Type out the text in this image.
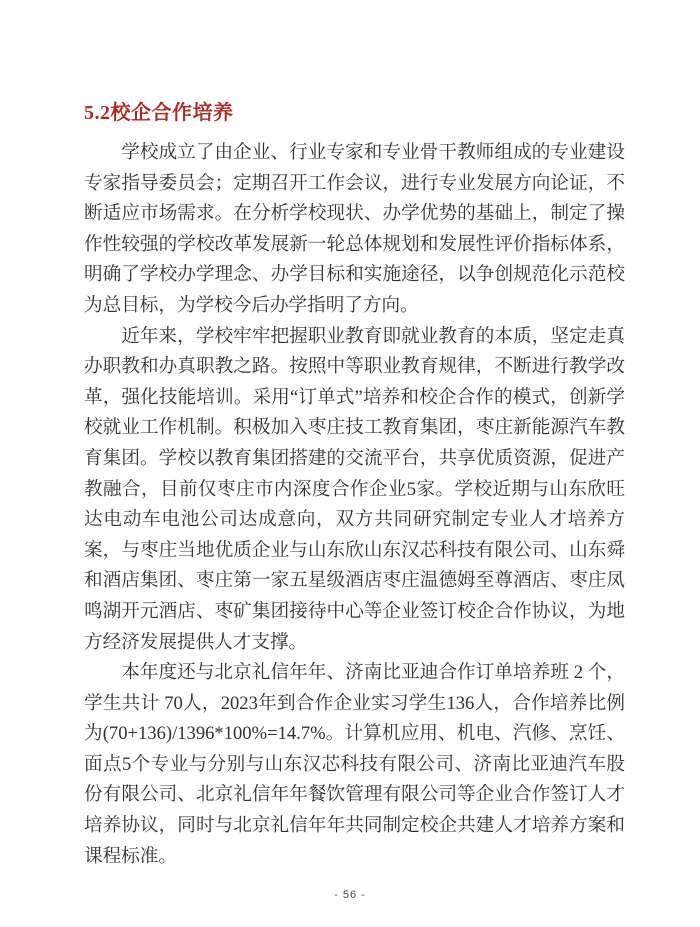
5.2校企合作培养

学校成立了由企业、行业专家和专业骨干教师组成的专业建设专家指导委员会；定期召开工作会议，进行专业发展方向论证，不断适应市场需求。在分析学校现状、办学优势的基础上，制定了操作性较强的学校改革发展新一轮总体规划和发展性评价指标体系，明确了学校办学理念、办学目标和实施途径，以争创规范化示范校为总目标，为学校今后办学指明了方向。

近年来，学校牢牢把握职业教育即就业教育的本质，坚定走真办职教和办真职教之路。按照中等职业教育规律，不断进行教学改革，强化技能培训。采用“订单式”培养和校企合作的模式，创新学校就业工作机制。积极加入枣庄技工教育集团，枣庄新能源汽车教育集团。学校以教育集团搭建的交流平台，共享优质资源，促进产教融合，目前仅枣庄市内深度合作企业5家。学校近期与山东欣旺达电动车电池公司达成意向，双方共同研究制定专业人才培养方案，与枣庄当地优质企业与山东欣山东汉芯科技有限公司、山东舜和酒店集团、枣庄第一家五星级酒店枣庄温德姆至尊酒店、枣庄凤鸣湖开元酒店、枣矿集团接待中心等企业签订校企合作协议，为地方经济发展提供人才支撑。

本年度还与北京礼信年年、济南比亚迪合作订单培养班 2 个，学生共计 70人，2023年到合作企业实习学生136人，合作培养比例为(70+136)/1396*100%=14.7%。计算机应用、机电、汽修、烹饪、面点5个专业与分别与山东汉芯科技有限公司、济南比亚迪汽车股份有限公司、北京礼信年年餐饮管理有限公司等企业合作签订人才培养协议，同时与北京礼信年年共同制定校企共建人才培养方案和课程标准。

- 56 -
